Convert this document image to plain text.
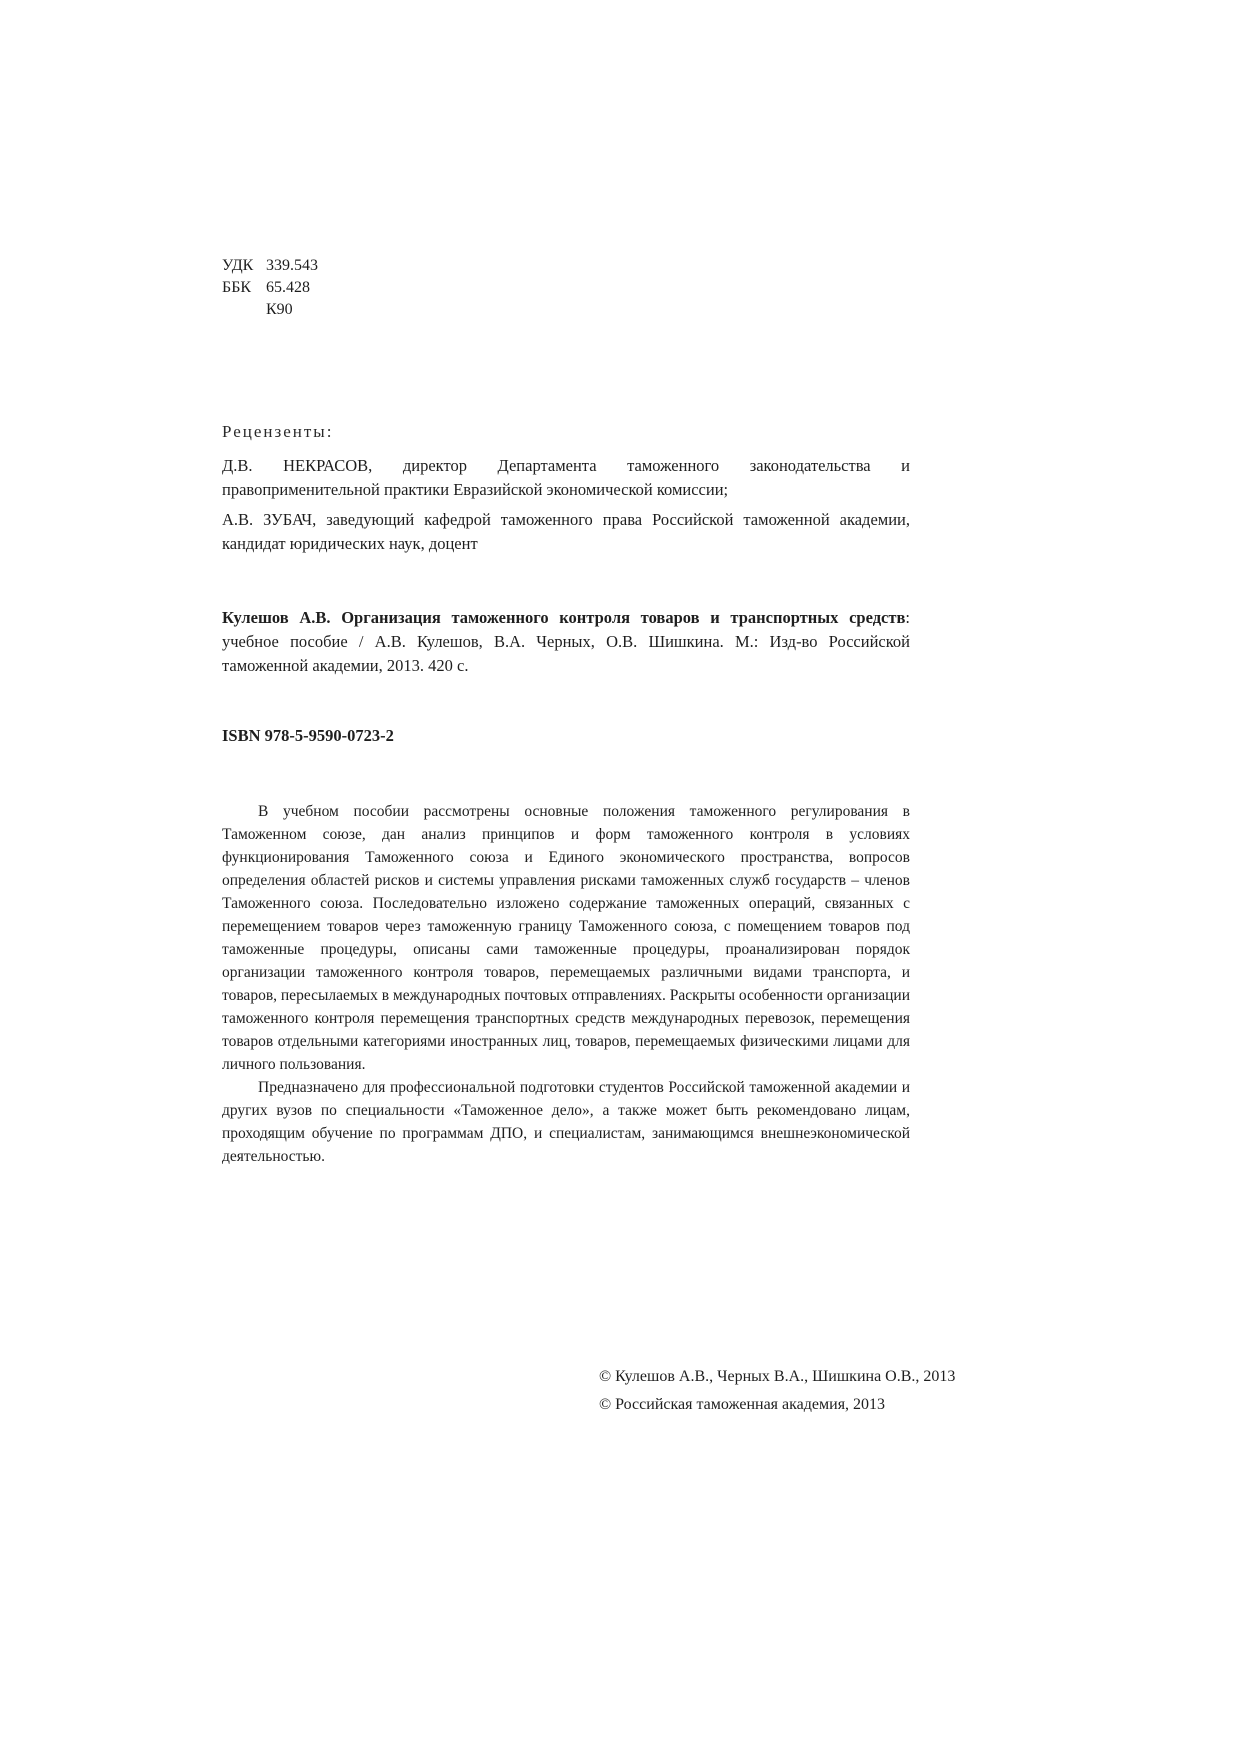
УДК 339.543
ББК 65.428
К90
Рецензенты:
Д.В. НЕКРАСОВ, директор Департамента таможенного законодательства и правоприменительной практики Евразийской экономической комиссии;
А.В. ЗУБАЧ, заведующий кафедрой таможенного права Российской таможенной академии, кандидат юридических наук, доцент
Кулешов А.В. Организация таможенного контроля товаров и транспортных средств: учебное пособие / А.В. Кулешов, В.А. Черных, О.В. Шишкина. М.: Изд-во Российской таможенной академии, 2013. 420 с.
ISBN 978-5-9590-0723-2

В учебном пособии рассмотрены основные положения таможенного регулирования в Таможенном союзе, дан анализ принципов и форм таможенного контроля в условиях функционирования Таможенного союза и Единого экономического пространства, вопросов определения областей рисков и системы управления рисками таможенных служб государств – членов Таможенного союза. Последовательно изложено содержание таможенных операций, связанных с перемещением товаров через таможенную границу Таможенного союза, с помещением товаров под таможенные процедуры, описаны сами таможенные процедуры, проанализирован порядок организации таможенного контроля товаров, перемещаемых различными видами транспорта, и товаров, пересылаемых в международных почтовых отправлениях. Раскрыты особенности организации таможенного контроля перемещения транспортных средств международных перевозок, перемещения товаров отдельными категориями иностранных лиц, товаров, перемещаемых физическими лицами для личного пользования.

Предназначено для профессиональной подготовки студентов Российской таможенной академии и других вузов по специальности «Таможенное дело», а также может быть рекомендовано лицам, проходящим обучение по программам ДПО, и специалистам, занимающимся внешнеэкономической деятельностью.

© Кулешов А.В., Черных В.А., Шишкина О.В., 2013
© Российская таможенная академия, 2013
